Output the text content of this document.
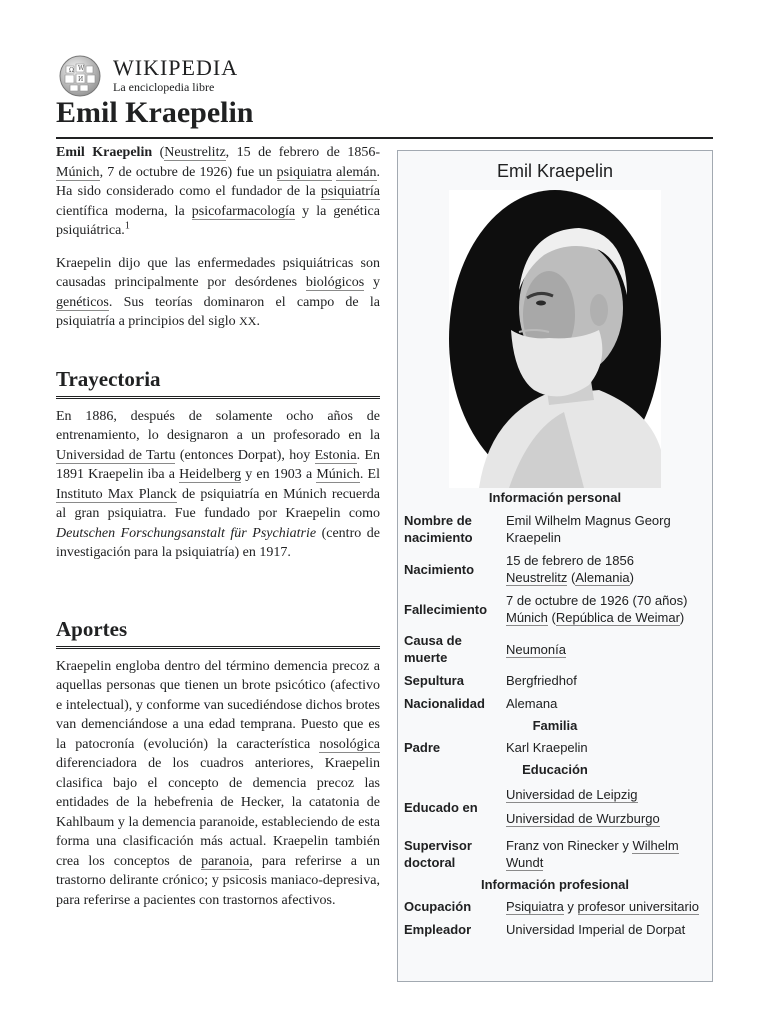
Ω W
И WIKIPEDIA
La enciclopedia libre
Emil Kraepelin

Emil Kraepelin (Neustrelitz, 15 de febrero de 1856-Múnich, 7 de octubre de 1926) fue un psiquiatra alemán. Ha sido considerado como el fundador de la psiquiatría científica moderna, la psicofarmacología y la genética psiquiátrica.$^1$

Kraepelin dijo que las enfermedades psiquiátricas son causadas principalmente por desórdenes biológicos y genéticos. Sus teorías dominaron el campo de la psiquiatría a principios del siglo XX.

Trayectoria

En 1886, después de solamente ocho años de entrenamiento, lo designaron a un profesorado en la Universidad de Tartu (entonces Dorpat), hoy Estonia. En 1891 Kraepelin iba a Heidelberg y en 1903 a Múnich. El Instituto Max Planck de psiquiatría en Múnich recuerda al gran psiquiatra. Fue fundado por Kraepelin como Deutschen Forschungsanstalt für Psychiatrie (centro de investigación para la psiquiatría) en 1917.

Aportes

Kraepelin engloba dentro del término demencia precoz a aquellas personas que tienen un brote psicótico (afectivo e intelectual), y conforme van sucediéndose dichos brotes van demenciándose a una edad temprana. Puesto que es la patocronía (evolución) la característica nosológica diferenciadora de los cuadros anteriores, Kraepelin clasifica bajo el concepto de demencia precoz las entidades de la hebefrenia de Hecker, la catatonia de Kahlbaum y la demencia paranoide, estableciendo de esta forma una clasificación más actual. Kraepelin también crea los conceptos de paranoia, para referirse a un trastorno delirante crónico; y psicosis maniaco-depresiva, para referirse a pacientes con trastornos afectivos.

Emil Kraepelin
Información personal
Nombre de nacimiento	Emil Wilhelm Magnus Georg Kraepelin
Nacimiento	15 de febrero de 1856
Neustrelitz (Alemania)
Fallecimiento	7 de octubre de 1926 (70 años)
Múnich (República de Weimar)
Causa de muerte	Neumonía
Sepultura	Bergfriedhof
Nacionalidad	Alemana
Familia	
Padre	Karl Kraepelin
Educación	
Educado en	Universidad de Leipzig
Universidad de Wurzburgo
Supervisor doctoral	Franz von Rinecker y Wilhelm Wundt
Información profesional	
Ocupación	Psiquiatra y profesor universitario
Empleador	Universidad Imperial de Dorpat
